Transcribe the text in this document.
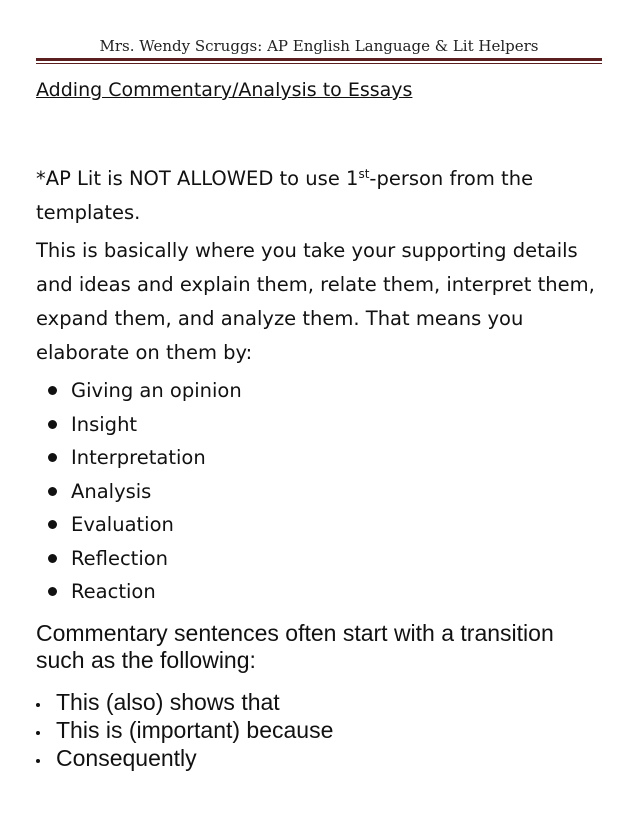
Mrs. Wendy Scruggs: AP English Language & Lit Helpers
Adding Commentary/Analysis to Essays

*AP Lit is NOT ALLOWED to use 1st-person from the templates.

This is basically where you take your supporting details and ideas and explain them, relate them, interpret them, expand them, and analyze them. That means you elaborate on them by:

Giving an opinion
Insight
Interpretation
Analysis
Evaluation
Reflection
Reaction

Commentary sentences often start with a transition such as the following:

This (also) shows that
This is (important) because
Consequently
